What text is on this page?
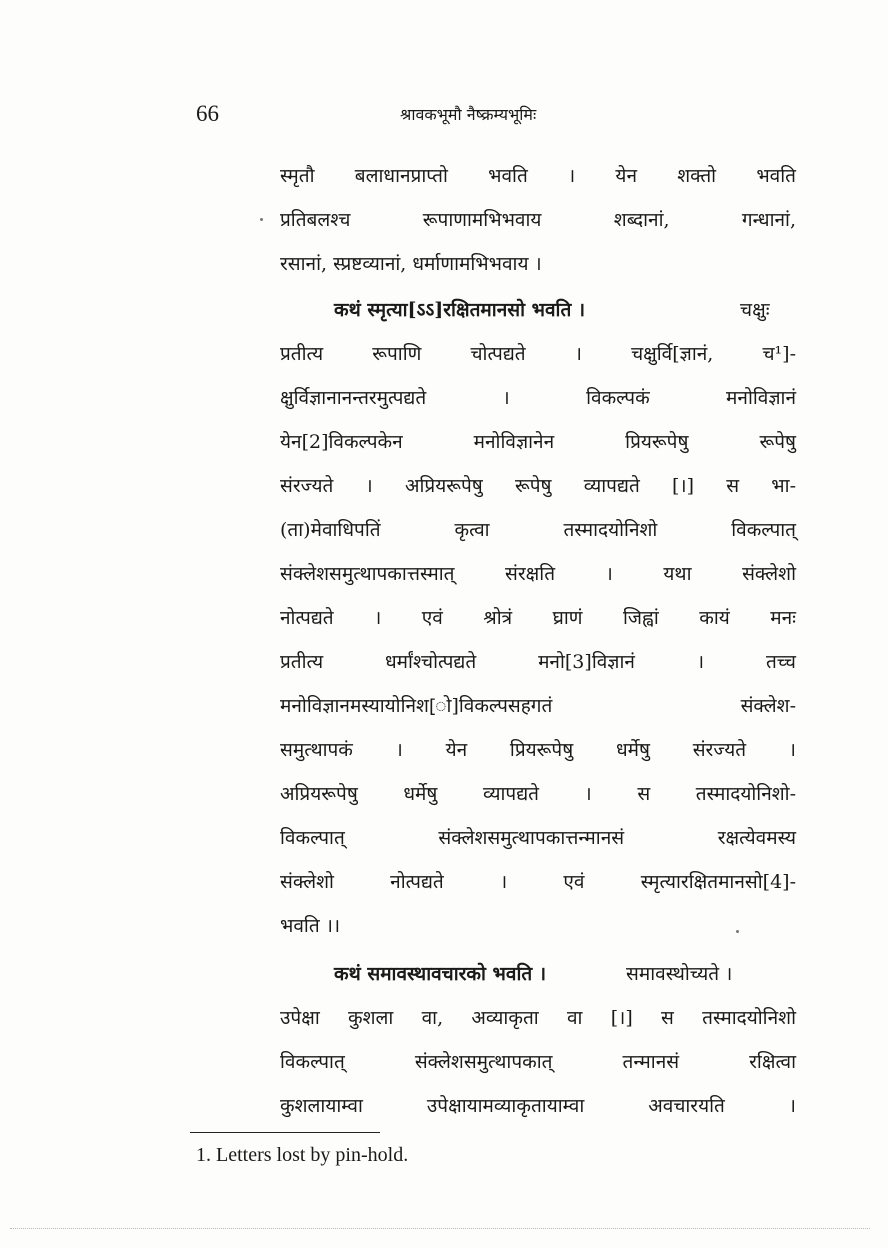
66	श्रावकभूमौ नैष्क्रम्यभूमिः
स्मृतौ बलाधानप्राप्तो भवति । येन शक्तो भवति
प्रतिबलश्च रूपाणामभिभवाय शब्दानां, गन्धानां,
रसानां, स्प्रष्टव्यानां, धर्माणामभिभवाय ।
कथं स्मृत्या[ऽऽ]रक्षितमानसो भवति ।	चक्षुः
प्रतीत्य रूपाणि चोत्पद्यते । चक्षुर्वि[ज्ञानं, च¹]-
क्षुर्विज्ञानानन्तरमुत्पद्यते । विकल्पकं मनोविज्ञानं
येन[2]विकल्पकेन मनोविज्ञानेन प्रियरूपेषु रूपेषु
संरज्यते । अप्रियरूपेषु रूपेषु व्यापद्यते [।] स भा-
(ता)मेवाधिपतिं कृत्वा तस्मादयोनिशो विकल्पात्
संक्लेशसमुत्थापकात्तस्मात् संरक्षति । यथा संक्लेशो
नोत्पद्यते । एवं श्रोत्रं घ्राणं जिह्वां कायं मनः
प्रतीत्य धर्मांश्चोत्पद्यते मनो[3]विज्ञानं । तच्च
मनोविज्ञानमस्यायोनिश[ो]विकल्पसहगतं संक्लेश-
समुत्थापकं । येन प्रियरूपेषु धर्मेषु संरज्यते ।
अप्रियरूपेषु धर्मेषु व्यापद्यते । स तस्मादयोनिशो-
विकल्पात् संक्लेशसमुत्थापकात्तन्मानसं रक्षत्येवमस्य
संक्लेशो नोत्पद्यते । एवं स्मृत्यारक्षितमानसो[4]-
भवति ।।
कथं समावस्थावचारको भवति ।	समावस्थोच्यते ।
उपेक्षा कुशला वा, अव्याकृता वा [।] स तस्मादयोनिशो
विकल्पात् संक्लेशसमुत्थापकात् तन्मानसं रक्षित्वा
कुशलायाम्वा उपेक्षायामव्याकृतायाम्वा अवचारयति ।
1. Letters lost by pin-hold.
